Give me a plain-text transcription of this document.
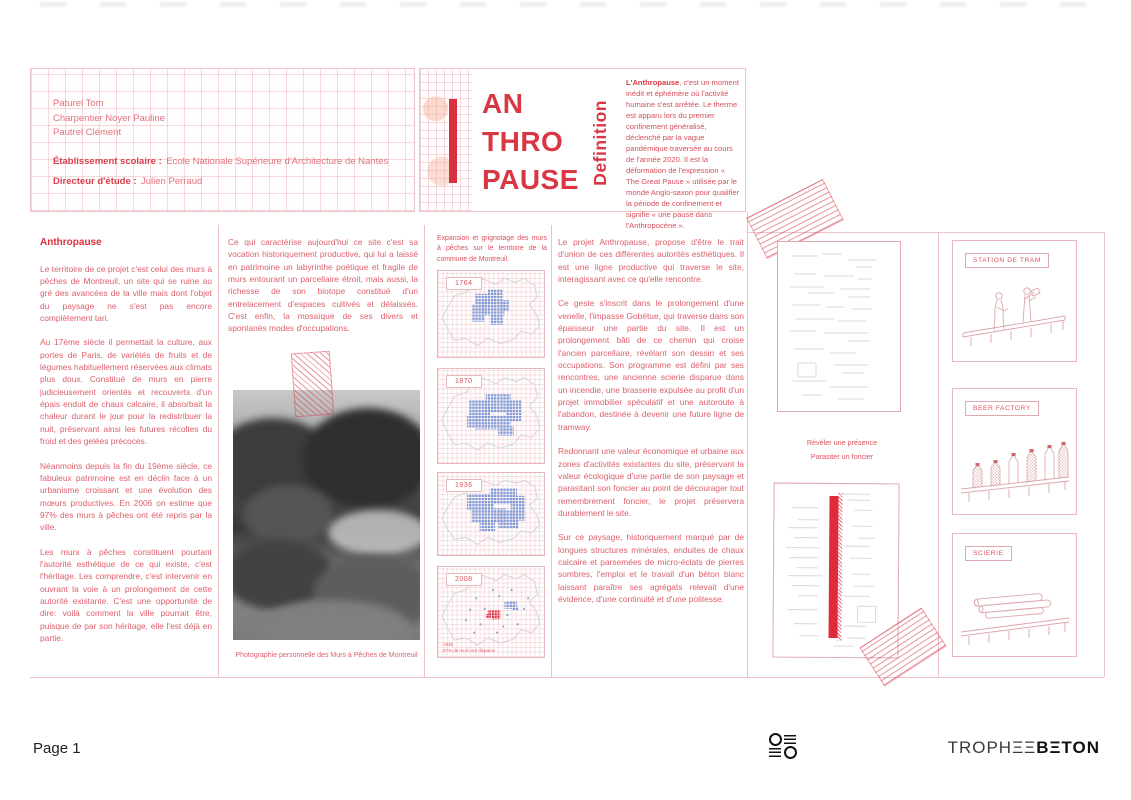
Paturel Tom
Charpentier Noyer Pauline
Pautrel Clément
Établissement scolaire : Ecole Nationale Supérieure d'Architecture de Nantes
Directeur d'étude : Julien Perraud
AN
THRO
PAUSE Definition
L'Anthropause, c'est un moment inédit et éphémère où l'activité humaine s'est arrêtée. Le therme est apparu lors du premier confinement généralisé, déclenché par la vague pandémique traversée au cours de l'année 2020. Il est la déformation de l'expression « The Great Pause » utilisée par le monde Anglo-saxon pour qualifier la période de confinement et signifie « une pause dans l'Anthropocène ».
Anthropause
Le territoire de ce projet c'est celui des murs à pêches de Montreuil, un site qui se ruine au gré des avancées de la ville mais dont l'objet du paysage ne s'est pas encore complètement tari.
Au 17ème siècle il permettait la culture, aux portes de Paris, de variétés de fruits et de légumes habituellement réservées aux climats plus doux. Constitué de murs en pierre judicieusement orientés et recouverts d'un épais enduit de chaux calcaire, il absorbait la chaleur durant le jour pour la redistribuer la nuit, préservant ainsi les futures récoltes du froid et des gelées précoces.
Néanmoins depuis la fin du 19ème siècle, ce fabuleux patrimoine est en déclin face à un urbanisme croissant et une évolution des mœurs productives. En 2006 on estime que 97% des murs à pêches ont été repris par la ville.
Les murs à pêches constituent pourtant l'autorité esthétique de ce qui existe, c'est l'héritage. Les comprendre, c'est intervenir en ouvrant la voie à un prolongement de cette autorité existante. C'est une opportunité de dire: voilà comment la ville pourrait être, puisque de par son héritage, elle l'est déjà en partie.
Ce qui caractérise aujourd'hui ce site c'est sa vocation historiquement productive, qui lui a laissé en patrimoine un labyrinthe poétique et fragile de murs entourant un parcellaire étroit, mais aussi, la richesse de son biotope constitué d'un entrelacement d'espaces cultivés et délaissés. C'est enfin, la mosaïque de ses divers et spontanés modes d'occupations.
Photographie personnelle des Murs à Pêches de Montreuil
Expansion et grignotage des murs à pêches sur le territoire de la commune de Montreuil.
1764
1870
1936
2008
1936
97% de murs ont disparus
Le projet Anthropause, propose d'être le trait d'union de ces différentes autorités esthétiques. Il est une ligne productive qui traverse le site, interagissant avec ce qu'elle rencontre.
Ce geste s'inscrit dans le prolongement d'une venelle, l'impasse Gobétue, qui traverse dans son épaisseur une partie du site. Il est un prolongement bâti de ce chemin qui croise l'ancien parcellaire, révélant son dessin et ses occupations. Son programme est défini par ses rencontres, une ancienne scierie disparue dans un incendie, une brasserie expulsée au profit d'un projet immobilier spéculatif et une autoroute à l'abandon, destinée à devenir une future ligne de tramway.
Redonnant une valeur économique et urbaine aux zones d'activités existantes du site, préservant la valeur écologique d'une partie de son paysage et parasitant son foncier au point de décourager tout remembrement foncier, le projet préservera durablement le site.
Sur ce paysage, historiquement marqué par de longues structures minérales, enduites de chaux calcaire et parsemées de micro-éclats de pierres sombres, l'emploi et le travail d'un béton blanc laissant paraître ses agrégats relevait d'une évidence, d'une continuité et d'une politesse.
Révéler une présence
Parasiter un foncier
STATION DE TRAM
BEER FACTORY
SCIERIE
Page 1	TROPHΞΞBΞTON
